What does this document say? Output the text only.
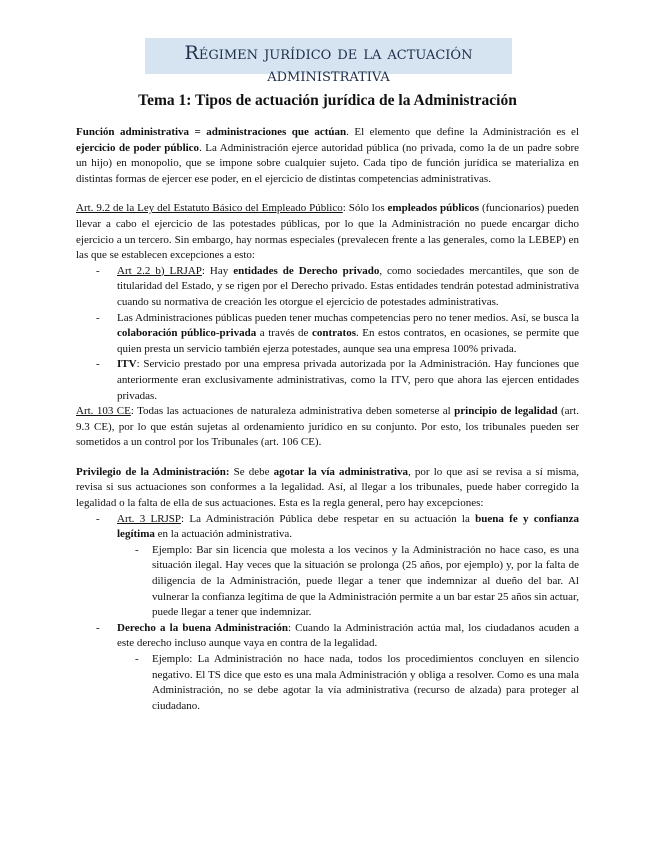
Régimen jurídico de la actuación administrativa
Tema 1: Tipos de actuación jurídica de la Administración

Función administrativa = administraciones que actúan. El elemento que define la Administración es el ejercicio de poder público. La Administración ejerce autoridad pública (no privada, como la de un padre sobre un hijo) en monopolio, que se impone sobre cualquier sujeto. Cada tipo de función jurídica se materializa en distintas formas de ejercer ese poder, en el ejercicio de distintas competencias administrativas.

Art. 9.2 de la Ley del Estatuto Básico del Empleado Público: Sólo los empleados públicos (funcionarios) pueden llevar a cabo el ejercicio de las potestades públicas, por lo que la Administración no puede encargar dicho ejercicio a un tercero. Sin embargo, hay normas especiales (prevalecen frente a las generales, como la LEBEP) en las que se establecen excepciones a esto:

- Art 2.2 b) LRJAP: Hay entidades de Derecho privado, como sociedades mercantiles, que son de titularidad del Estado, y se rigen por el Derecho privado. Estas entidades tendrán potestad administrativa cuando su normativa de creación les otorgue el ejercicio de potestades administrativas.
- Las Administraciones públicas pueden tener muchas competencias pero no tener medios. Así, se busca la colaboración público-privada a través de contratos. En estos contratos, en ocasiones, se permite que quien presta un servicio también ejerza potestades, aunque sea una empresa 100% privada.
- ITV: Servicio prestado por una empresa privada autorizada por la Administración. Hay funciones que anteriormente eran exclusivamente administrativas, como la ITV, pero que ahora las ejercen entidades privadas.

Art. 103 CE: Todas las actuaciones de naturaleza administrativa deben someterse al principio de legalidad (art. 9.3 CE), por lo que están sujetas al ordenamiento jurídico en su conjunto. Por esto, los tribunales pueden ser sometidos a un control por los Tribunales (art. 106 CE).

Privilegio de la Administración: Se debe agotar la vía administrativa, por lo que así se revisa a sí misma, revisa si sus actuaciones son conformes a la legalidad. Así, al llegar a los tribunales, puede haber corregido la legalidad o la falta de ella de sus actuaciones. Esta es la regla general, pero hay excepciones:

- Art. 3 LRJSP: La Administración Pública debe respetar en su actuación la buena fe y confianza legítima en la actuación administrativa.
- Ejemplo: Bar sin licencia que molesta a los vecinos y la Administración no hace caso, es una situación ilegal. Hay veces que la situación se prolonga (25 años, por ejemplo) y, por la falta de diligencia de la Administración, puede llegar a tener que indemnizar al dueño del bar. Al vulnerar la confianza legítima de que la Administración permite a un bar estar 25 años sin actuar, puede llegar a tener que indemnizar.
- Derecho a la buena Administración: Cuando la Administración actúa mal, los ciudadanos acuden a este derecho incluso aunque vaya en contra de la legalidad.
- Ejemplo: La Administración no hace nada, todos los procedimientos concluyen en silencio negativo. El TS dice que esto es una mala Administración y obliga a resolver. Como es una mala Administración, no se debe agotar la vía administrativa (recurso de alzada) para proteger al ciudadano.
